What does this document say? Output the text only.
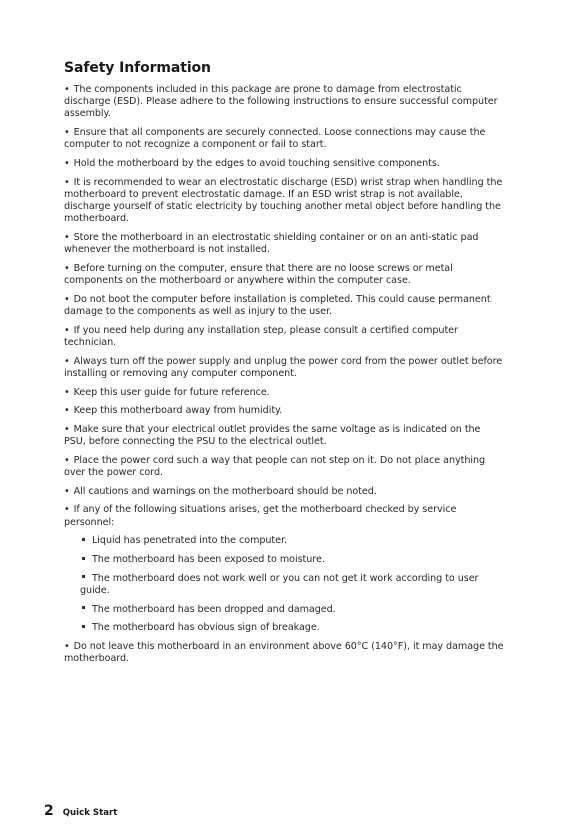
Safety Information

• The components included in this package are prone to damage from electrostatic discharge (ESD). Please adhere to the following instructions to ensure successful computer assembly.

• Ensure that all components are securely connected. Loose connections may cause the computer to not recognize a component or fail to start.

• Hold the motherboard by the edges to avoid touching sensitive components.

• It is recommended to wear an electrostatic discharge (ESD) wrist strap when handling the motherboard to prevent electrostatic damage. If an ESD wrist strap is not available, discharge yourself of static electricity by touching another metal object before handling the motherboard.

• Store the motherboard in an electrostatic shielding container or on an anti-static pad whenever the motherboard is not installed.

• Before turning on the computer, ensure that there are no loose screws or metal components on the motherboard or anywhere within the computer case.

• Do not boot the computer before installation is completed. This could cause permanent damage to the components as well as injury to the user.

• If you need help during any installation step, please consult a certified computer technician.

• Always turn off the power supply and unplug the power cord from the power outlet before installing or removing any computer component.

• Keep this user guide for future reference.

• Keep this motherboard away from humidity.

• Make sure that your electrical outlet provides the same voltage as is indicated on the PSU, before connecting the PSU to the electrical outlet.

• Place the power cord such a way that people can not step on it. Do not place anything over the power cord.

• All cautions and warnings on the motherboard should be noted.

• If any of the following situations arises, get the motherboard checked by service personnel:

Liquid has penetrated into the computer.
The motherboard has been exposed to moisture.
The motherboard does not work well or you can not get it work according to user guide.
The motherboard has been dropped and damaged.
The motherboard has obvious sign of breakage.

• Do not leave this motherboard in an environment above 60°C (140°F), it may damage the motherboard.

2 Quick Start
